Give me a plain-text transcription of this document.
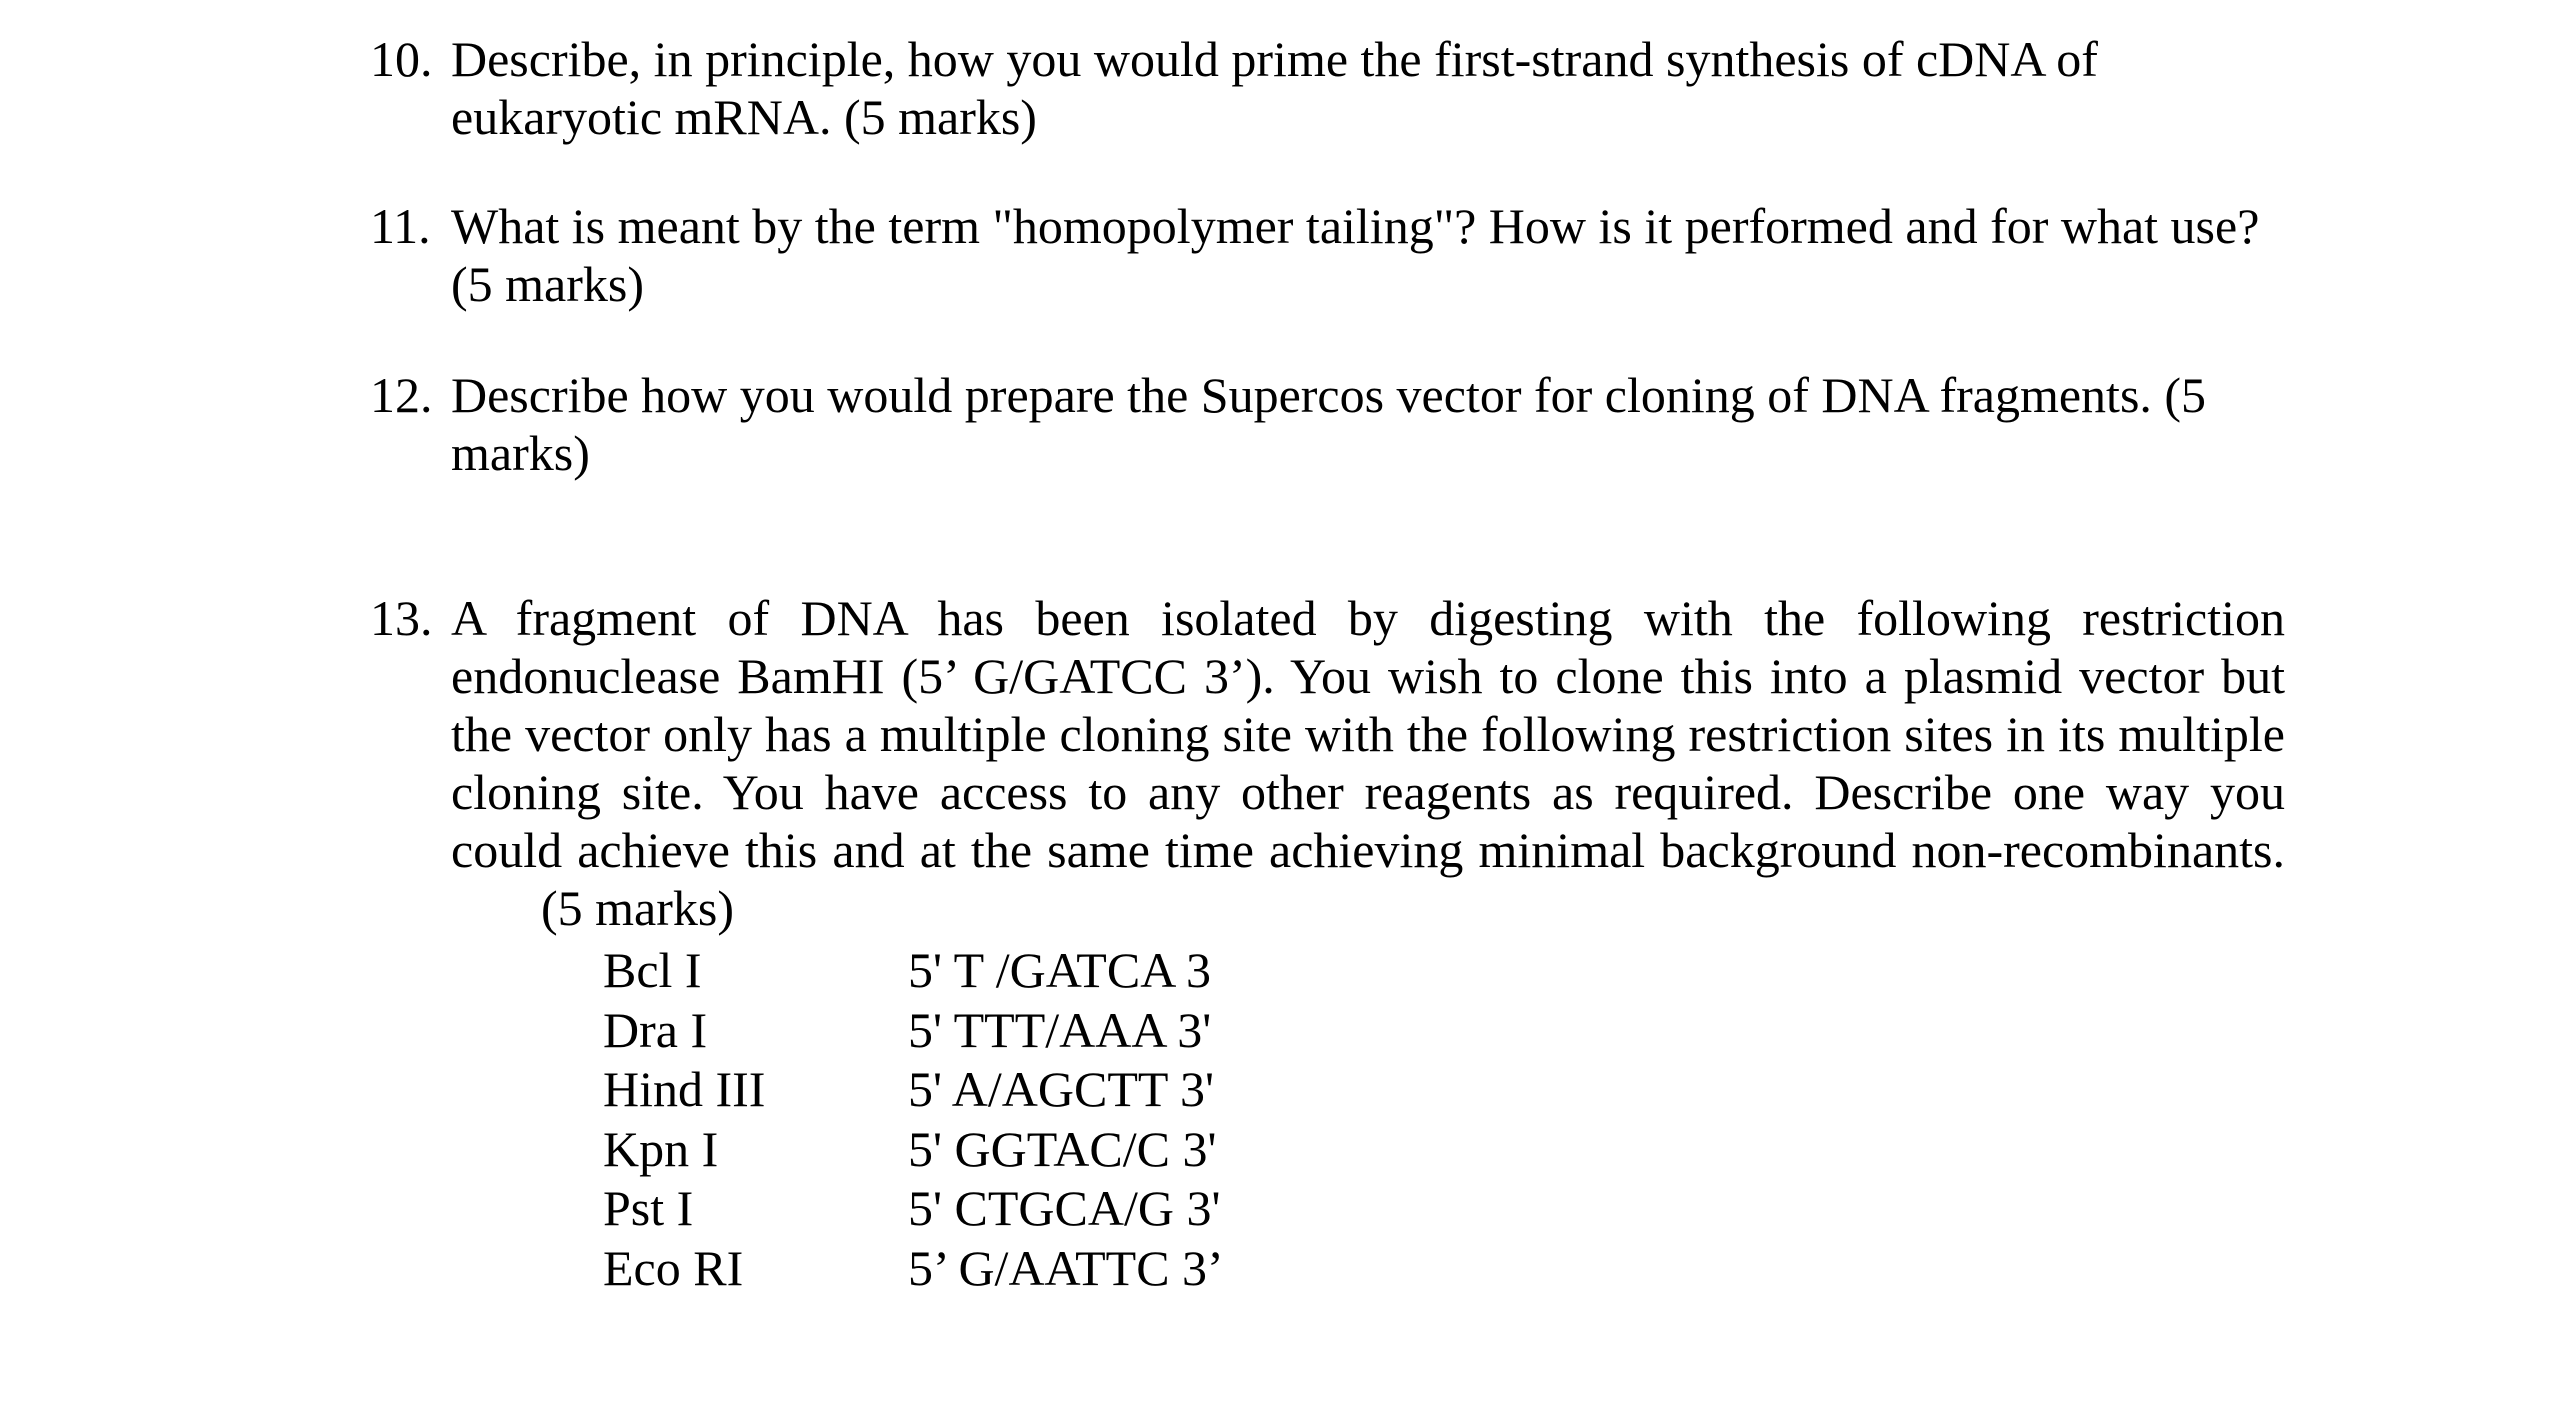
10. Describe, in principle, how you would prime the first-strand synthesis of cDNA of eukaryotic mRNA. (5 marks)
11. What is meant by the term "homopolymer tailing"? How is it performed and for what use? (5 marks)
12. Describe how you would prepare the Supercos vector for cloning of DNA fragments. (5 marks)
13. A fragment of DNA has been isolated by digesting with the following restriction endonuclease BamHI (5’ G/GATCC 3’). You wish to clone this into a plasmid vector but the vector only has a multiple cloning site with the following restriction sites in its multiple cloning site. You have access to any other reagents as required. Describe one way you could achieve this and at the same time achieving minimal background non-recombinants.(5 marks)
Bcl I	5' T /GATCA 3
Dra I	5' TTT/AAA 3'
Hind III	5' A/AGCTT 3'
Kpn I	5' GGTAC/C 3'
Pst I	5' CTGCA/G 3'
Eco RI	5’ G/AATTC 3’
